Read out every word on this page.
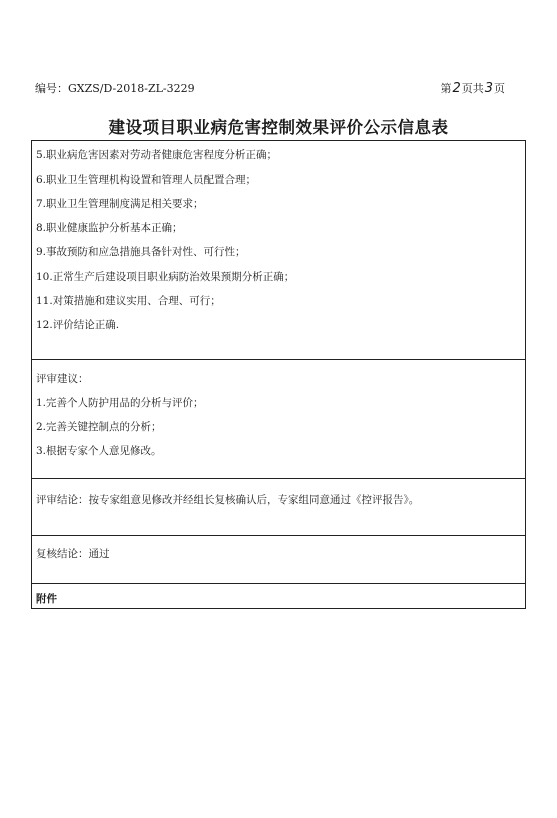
编号：GXZS/D-2018-ZL-3229	第 2 页共 3 页
建设项目职业病危害控制效果评价公示信息表
5.职业病危害因素对劳动者健康危害程度分析正确；
6.职业卫生管理机构设置和管理人员配置合理；
7.职业卫生管理制度满足相关要求；
8.职业健康监护分析基本正确；
9.事故预防和应急措施具备针对性、可行性；
10.正常生产后建设项目职业病防治效果预期分析正确；
11.对策措施和建议实用、合理、可行；
12.评价结论正确.
评审建议：
1.完善个人防护用品的分析与评价；
2.完善关键控制点的分析；
3.根据专家个人意见修改。
评审结论：按专家组意见修改并经组长复核确认后，专家组同意通过《控评报告》。
复核结论：通过
附件
